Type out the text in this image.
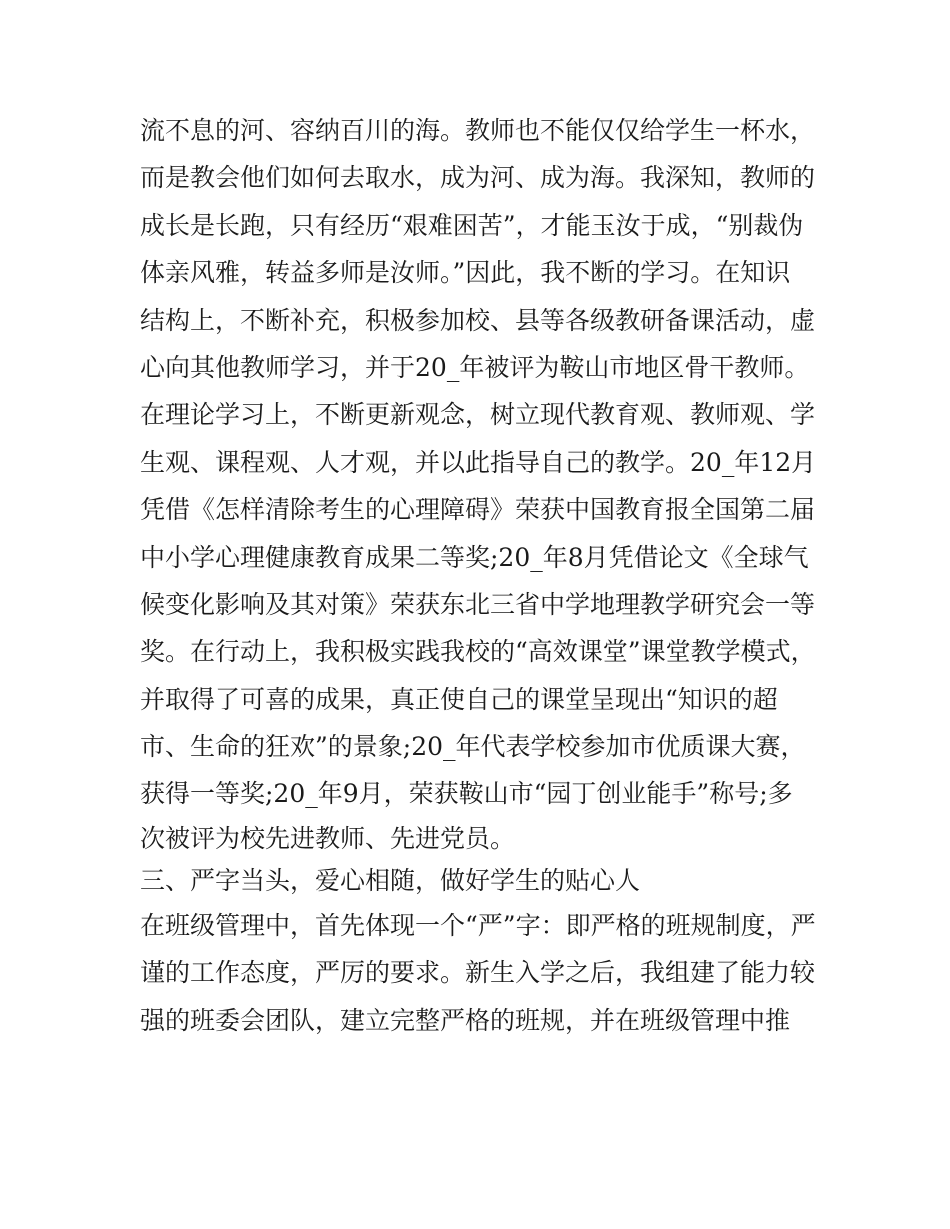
流不息的河、容纳百川的海。教师也不能仅仅给学生一杯水，
而是教会他们如何去取水，成为河、成为海。我深知，教师的
成长是长跑，只有经历“艰难困苦”，才能玉汝于成，“别裁伪
体亲风雅，转益多师是汝师。”因此，我不断的学习。在知识
结构上，不断补充，积极参加校、县等各级教研备课活动，虚
心向其他教师学习，并于20_年被评为鞍山市地区骨干教师。
在理论学习上，不断更新观念，树立现代教育观、教师观、学
生观、课程观、人才观，并以此指导自己的教学。20_年12月
凭借《怎样清除考生的心理障碍》荣获中国教育报全国第二届
中小学心理健康教育成果二等奖;20_年8月凭借论文《全球气
候变化影响及其对策》荣获东北三省中学地理教学研究会一等
奖。在行动上，我积极实践我校的“高效课堂”课堂教学模式，
并取得了可喜的成果，真正使自己的课堂呈现出“知识的超
市、生命的狂欢”的景象;20_年代表学校参加市优质课大赛，
获得一等奖;20_年9月，荣获鞍山市“园丁创业能手”称号;多
次被评为校先进教师、先进党员。
三、严字当头，爱心相随，做好学生的贴心人
在班级管理中，首先体现一个“严”字：即严格的班规制度，严
谨的工作态度，严厉的要求。新生入学之后，我组建了能力较
强的班委会团队，建立完整严格的班规，并在班级管理中推
